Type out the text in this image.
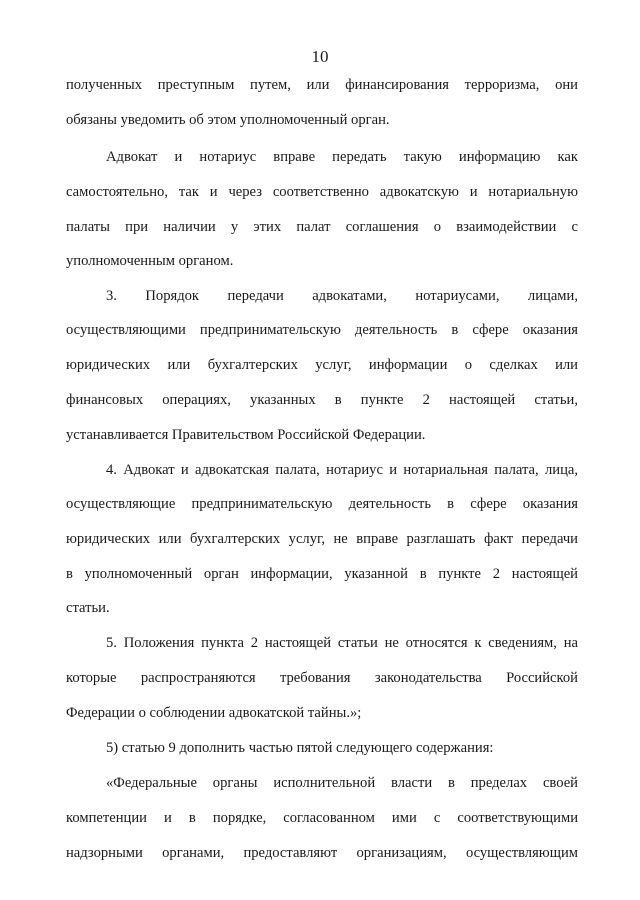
10
полученных преступным путем, или финансирования терроризма, они
обязаны уведомить об этом уполномоченный орган.
Адвокат и нотариус вправе передать такую информацию как
самостоятельно, так и через соответственно адвокатскую и нотариальную
палаты при наличии у этих палат соглашения о взаимодействии с
уполномоченным органом.
3. Порядок передачи адвокатами, нотариусами, лицами,
осуществляющими предпринимательскую деятельность в сфере оказания
юридических или бухгалтерских услуг, информации о сделках или
финансовых операциях, указанных в пункте 2 настоящей статьи,
устанавливается Правительством Российской Федерации.
4. Адвокат и адвокатская палата, нотариус и нотариальная палата, лица,
осуществляющие предпринимательскую деятельность в сфере оказания
юридических или бухгалтерских услуг, не вправе разглашать факт передачи
в уполномоченный орган информации, указанной в пункте 2 настоящей
статьи.
5. Положения пункта 2 настоящей статьи не относятся к сведениям, на
которые распространяются требования законодательства Российской
Федерации о соблюдении адвокатской тайны.»;
5) статью 9 дополнить частью пятой следующего содержания:
«Федеральные органы исполнительной власти в пределах своей
компетенции и в порядке, согласованном ими с соответствующими
надзорными органами, предоставляют организациям, осуществляющим
